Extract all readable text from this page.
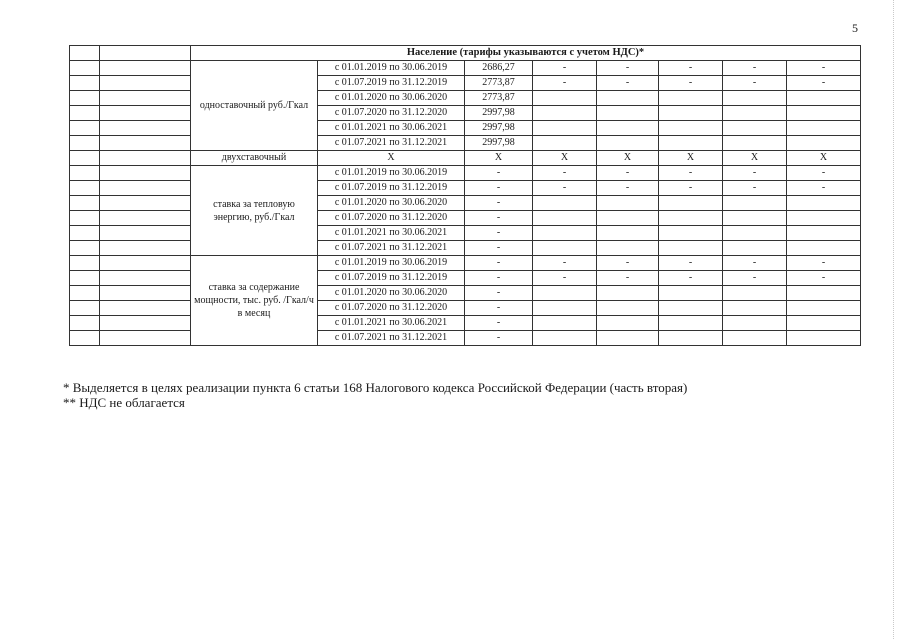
5
		Население (тарифы указываются с учетом НДС)*							
		одноставочный руб./Гкал	с 01.01.2019 по 30.06.2019	2686,27	-	-	-	-	-
			с 01.07.2019 по 31.12.2019	2773,87	-	-	-	-	-
			с 01.01.2020 по 30.06.2020	2773,87					
			с 01.07.2020 по 31.12.2020	2997,98					
			с 01.01.2021 по 30.06.2021	2997,98					
			с 01.07.2021 по 31.12.2021	2997,98					
		двухставочный	Х	Х	Х	Х	Х	Х	Х
		ставка за тепловую энергию, руб./Гкал	с 01.01.2019 по 30.06.2019	-	-	-	-	-	-
			с 01.07.2019 по 31.12.2019	-	-	-	-	-	-
			с 01.01.2020 по 30.06.2020	-					
			с 01.07.2020 по 31.12.2020	-					
			с 01.01.2021 по 30.06.2021	-					
			с 01.07.2021 по 31.12.2021	-					
		ставка за содержание мощности, тыс. руб. /Гкал/ч в месяц	с 01.01.2019 по 30.06.2019	-	-	-	-	-	-
			с 01.07.2019 по 31.12.2019	-	-	-	-	-	-
			с 01.01.2020 по 30.06.2020	-					
			с 01.07.2020 по 31.12.2020	-					
			с 01.01.2021 по 30.06.2021	-					
			с 01.07.2021 по 31.12.2021	-					
* Выделяется в целях реализации пункта 6 статьи 168 Налогового кодекса Российской Федерации (часть вторая)
** НДС не облагается
